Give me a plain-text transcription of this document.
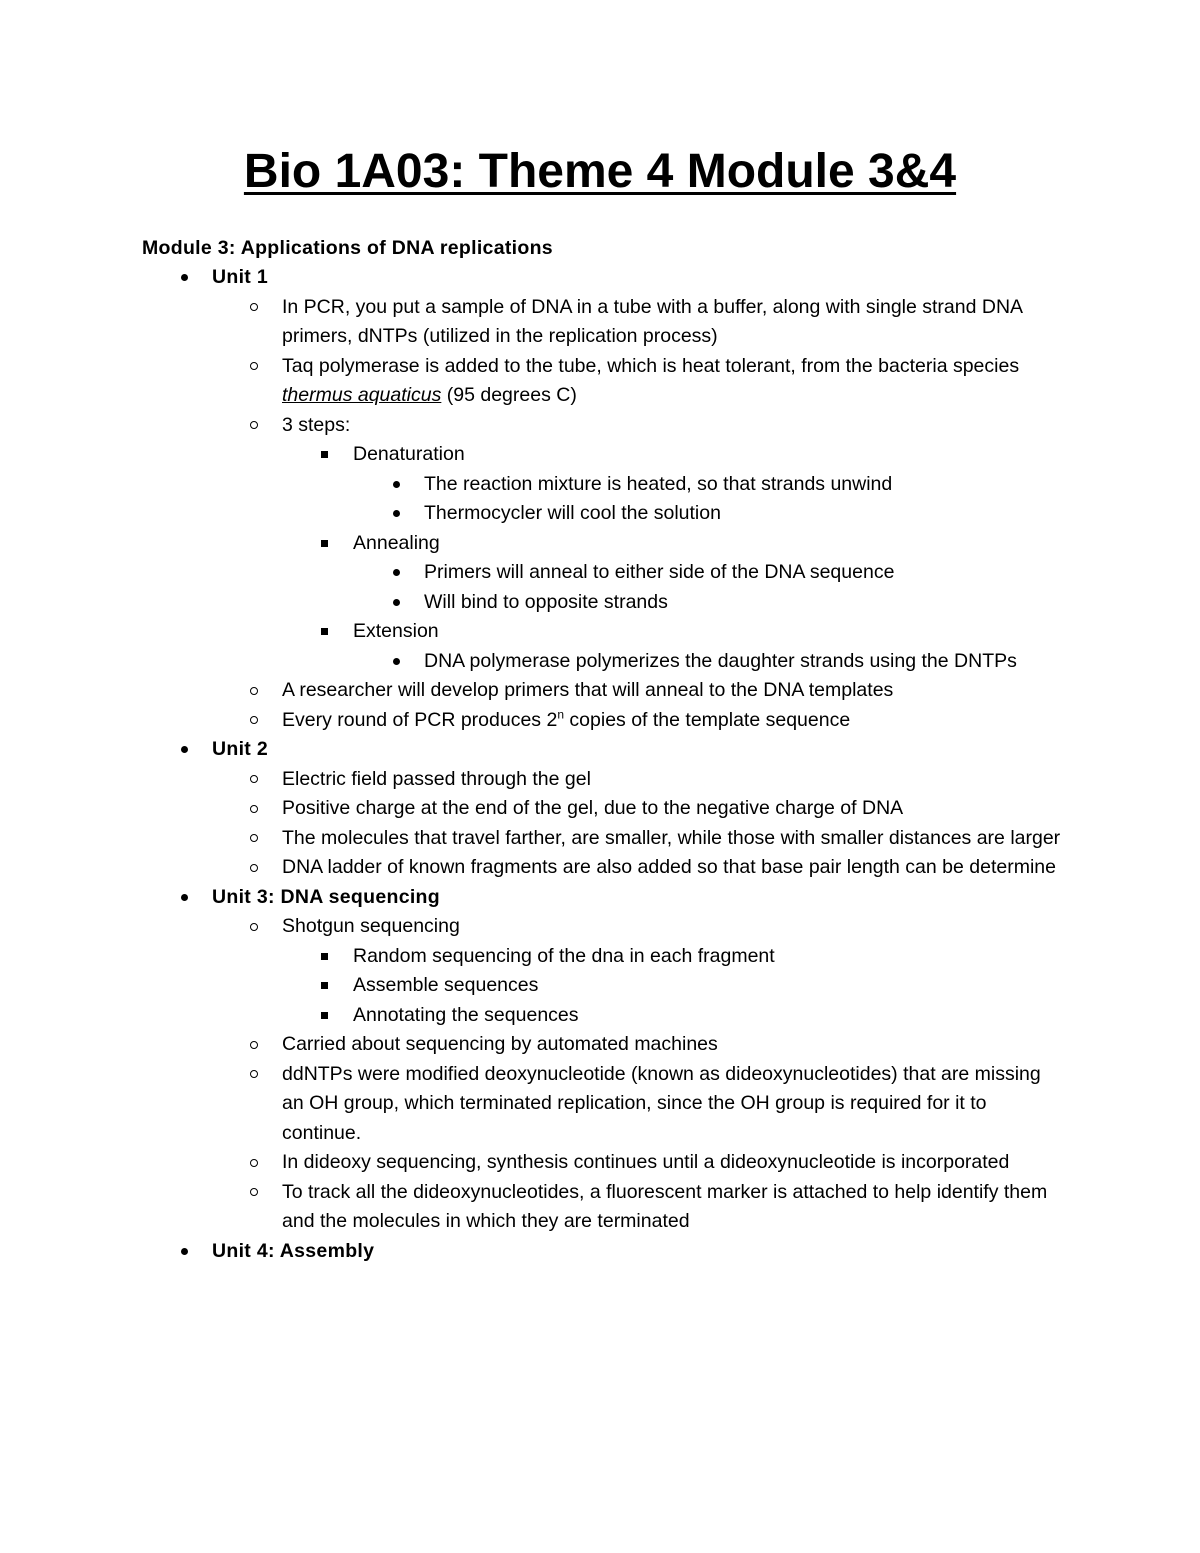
Bio 1A03: Theme 4 Module 3&4
Module 3: Applications of DNA replications
Unit 1
In PCR, you put a sample of DNA in a tube with a buffer, along with single strand DNA primers, dNTPs (utilized in the replication process)
Taq polymerase is added to the tube, which is heat tolerant, from the bacteria species thermus aquaticus (95 degrees C)
3 steps:
Denaturation
The reaction mixture is heated, so that strands unwind
Thermocycler will cool the solution
Annealing
Primers will anneal to either side of the DNA sequence
Will bind to opposite strands
Extension
DNA polymerase polymerizes the daughter strands using the DNTPs
A researcher will develop primers that will anneal to the DNA templates
Every round of PCR produces 2$^n$ copies of the template sequence
Unit 2
Electric field passed through the gel
Positive charge at the end of the gel, due to the negative charge of DNA
The molecules that travel farther, are smaller, while those with smaller distances are larger
DNA ladder of known fragments are also added so that base pair length can be determine
Unit 3: DNA sequencing
Shotgun sequencing
Random sequencing of the dna in each fragment
Assemble sequences
Annotating the sequences
Carried about sequencing by automated machines
ddNTPs were modified deoxynucleotide (known as dideoxynucleotides) that are missing an OH group, which terminated replication, since the OH group is required for it to continue.
In dideoxy sequencing, synthesis continues until a dideoxynucleotide is incorporated
To track all the dideoxynucleotides, a fluorescent marker is attached to help identify them and the molecules in which they are terminated
Unit 4: Assembly
